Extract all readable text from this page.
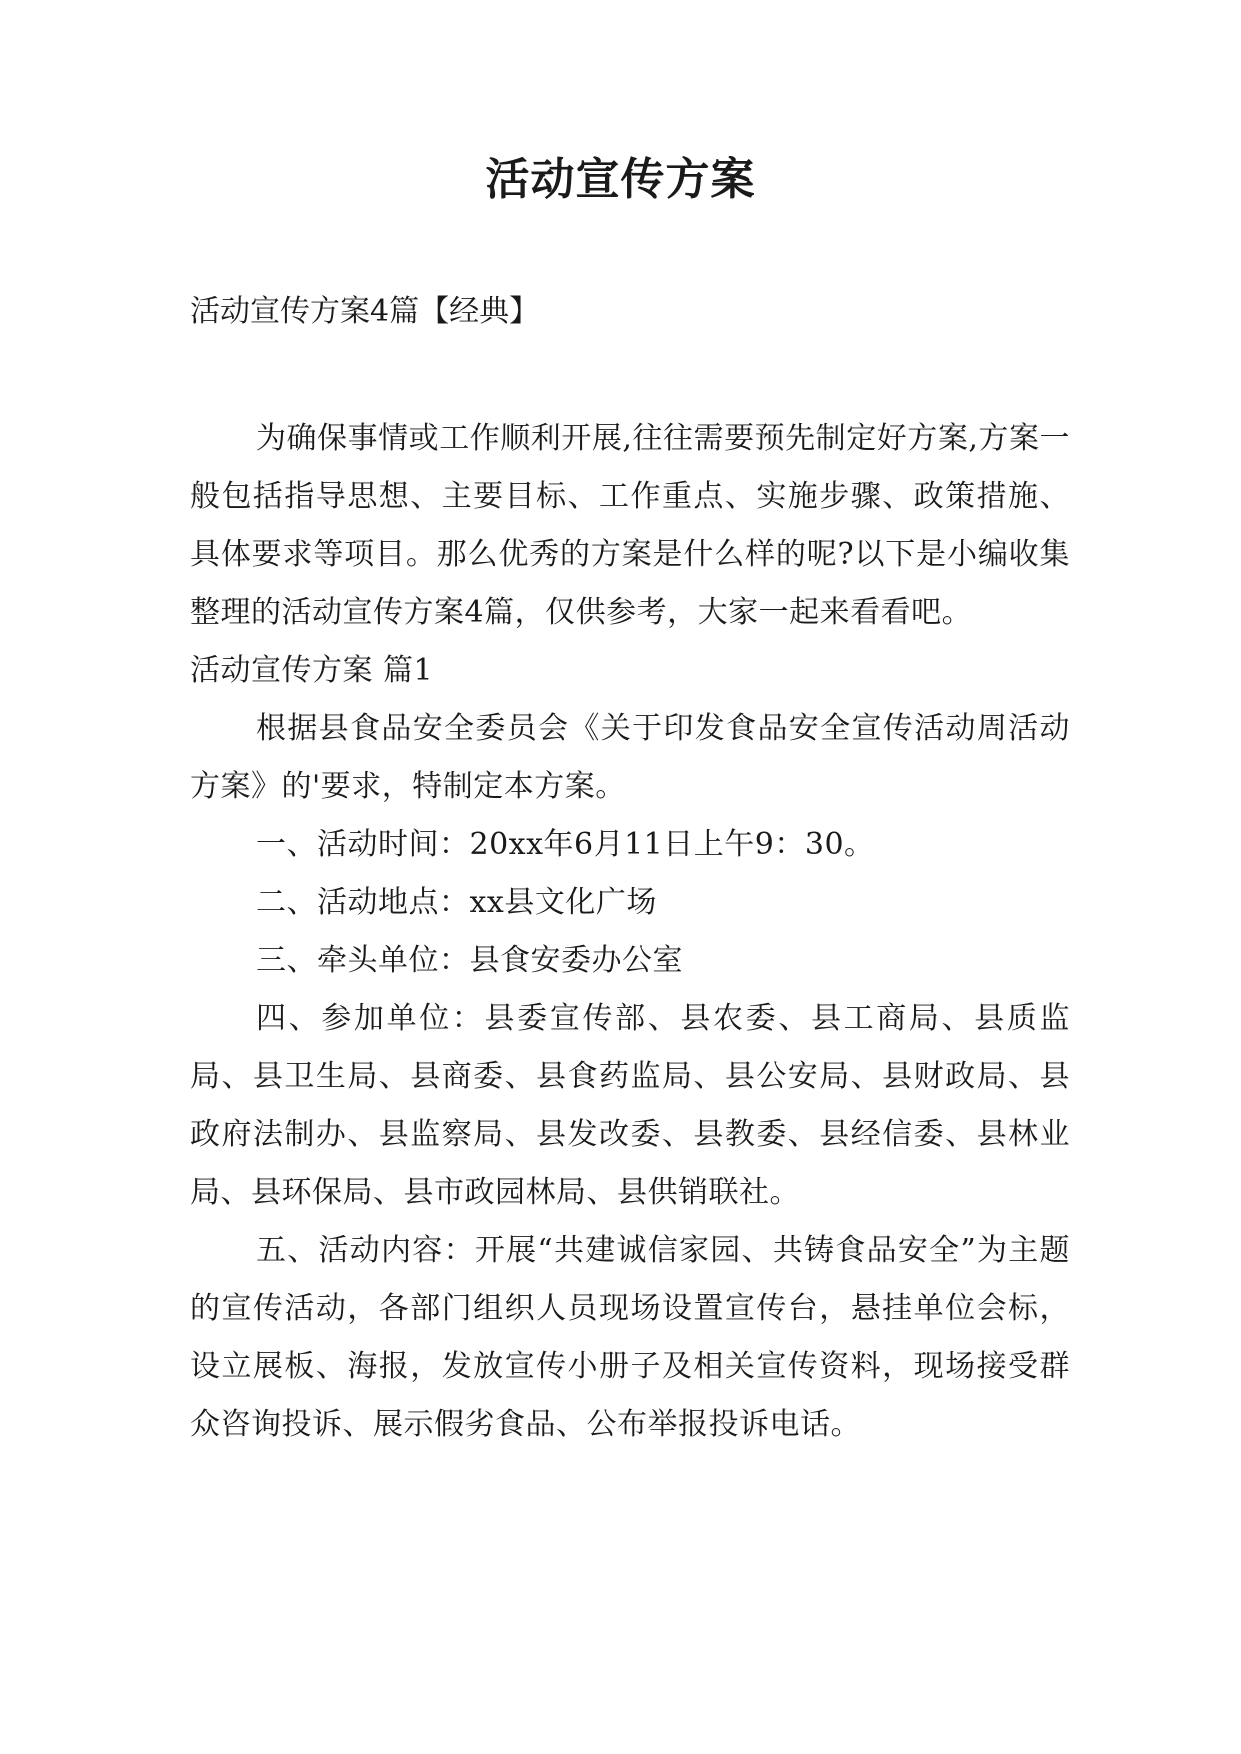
活动宣传方案

活动宣传方案4篇【经典】

为确保事情或工作顺利开展,往往需要预先制定好方案,方案一般包括指导思想、主要目标、工作重点、实施步骤、政策措施、具体要求等项目。那么优秀的方案是什么样的呢?以下是小编收集整理的活动宣传方案4篇，仅供参考，大家一起来看看吧。

活动宣传方案 篇1

根据县食品安全委员会《关于印发食品安全宣传活动周活动方案》的'要求，特制定本方案。

一、活动时间：20xx年6月11日上午9：30。

二、活动地点：xx县文化广场

三、牵头单位：县食安委办公室

四、参加单位：县委宣传部、县农委、县工商局、县质监局、县卫生局、县商委、县食药监局、县公安局、县财政局、县政府法制办、县监察局、县发改委、县教委、县经信委、县林业局、县环保局、县市政园林局、县供销联社。

五、活动内容：开展“共建诚信家园、共铸食品安全”为主题的宣传活动，各部门组织人员现场设置宣传台，悬挂单位会标，设立展板、海报，发放宣传小册子及相关宣传资料，现场接受群众咨询投诉、展示假劣食品、公布举报投诉电话。
